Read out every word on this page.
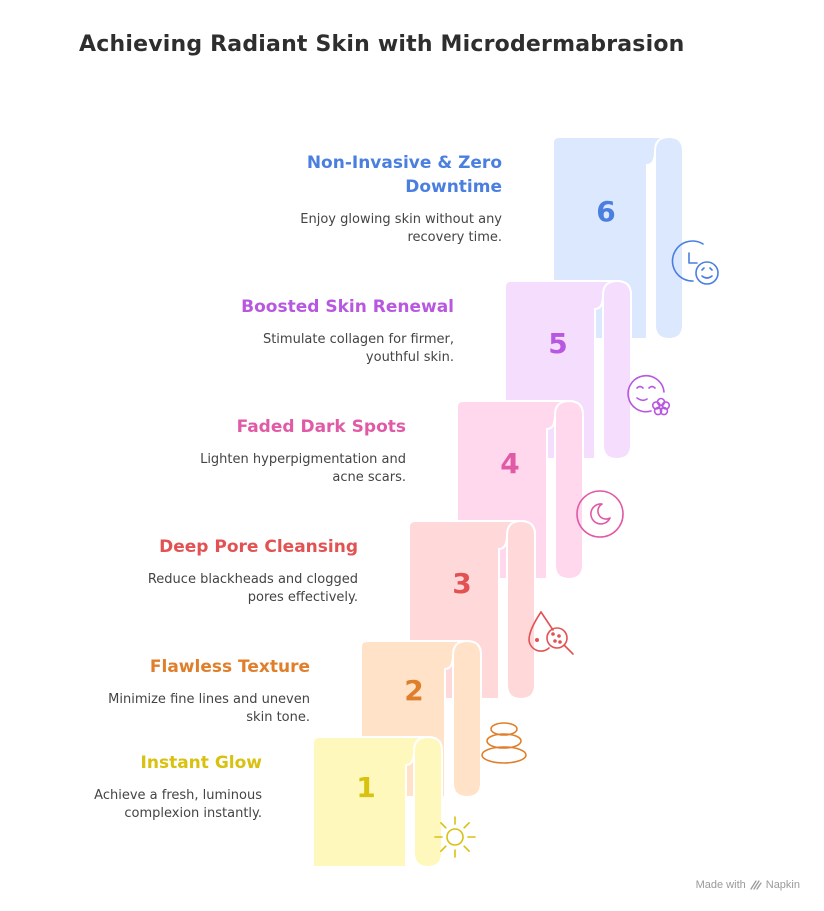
Achieving Radiant Skin with Microdermabrasion
1
2
3
4
5
6
Instant Glow
Achieve a fresh, luminous complexion instantly.
Flawless Texture
Minimize fine lines and uneven skin tone.
Deep Pore Cleansing
Reduce blackheads and clogged pores effectively.
Faded Dark Spots
Lighten hyperpigmentation and acne scars.
Boosted Skin Renewal
Stimulate collagen for firmer, youthful skin.
Non-Invasive & Zero Downtime
Enjoy glowing skin without any recovery time.
Made with Napkin
